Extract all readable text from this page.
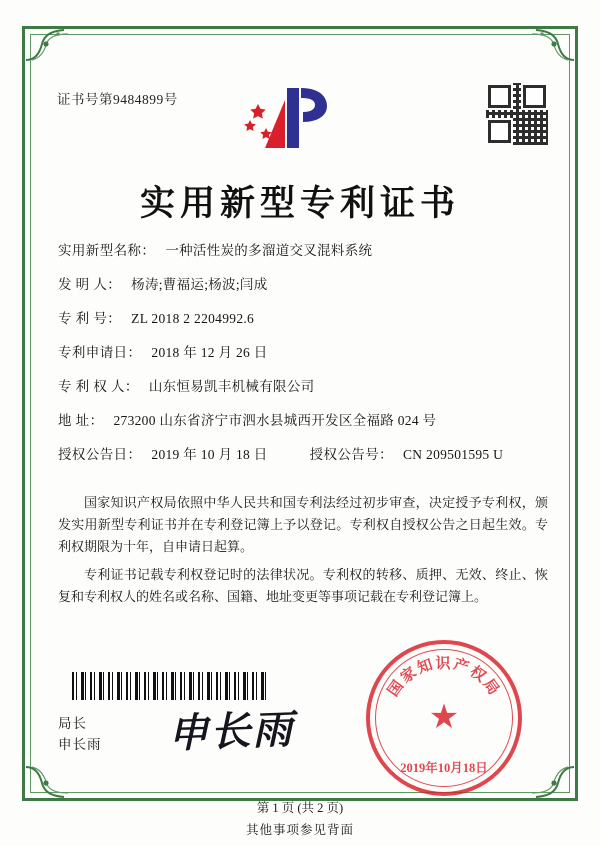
证书号第9484899号
实用新型专利证书
实用新型名称： 一种活性炭的多溜道交叉混料系统
发 明 人： 杨涛;曹福运;杨波;闫成
专 利 号： ZL 2018 2 2204992.6
专利申请日： 2018 年 12 月 26 日
专 利 权 人： 山东恒易凯丰机械有限公司
地 址： 273200 山东省济宁市泗水县城西开发区全福路 024 号
授权公告日： 2019 年 10 月 18 日	授权公告号： CN 209501595 U

国家知识产权局依照中华人民共和国专利法经过初步审查，决定授予专利权，颁发实用新型专利证书并在专利登记簿上予以登记。专利权自授权公告之日起生效。专利权期限为十年，自申请日起算。

专利证书记载专利权登记时的法律状况。专利权的转移、质押、无效、终止、恢复和专利权人的姓名或名称、国籍、地址变更等事项记载在专利登记簿上。

局长
申长雨 申长雨
国家知识产权局
★
2019年10月18日
第 1 页 (共 2 页)
其他事项参见背面
